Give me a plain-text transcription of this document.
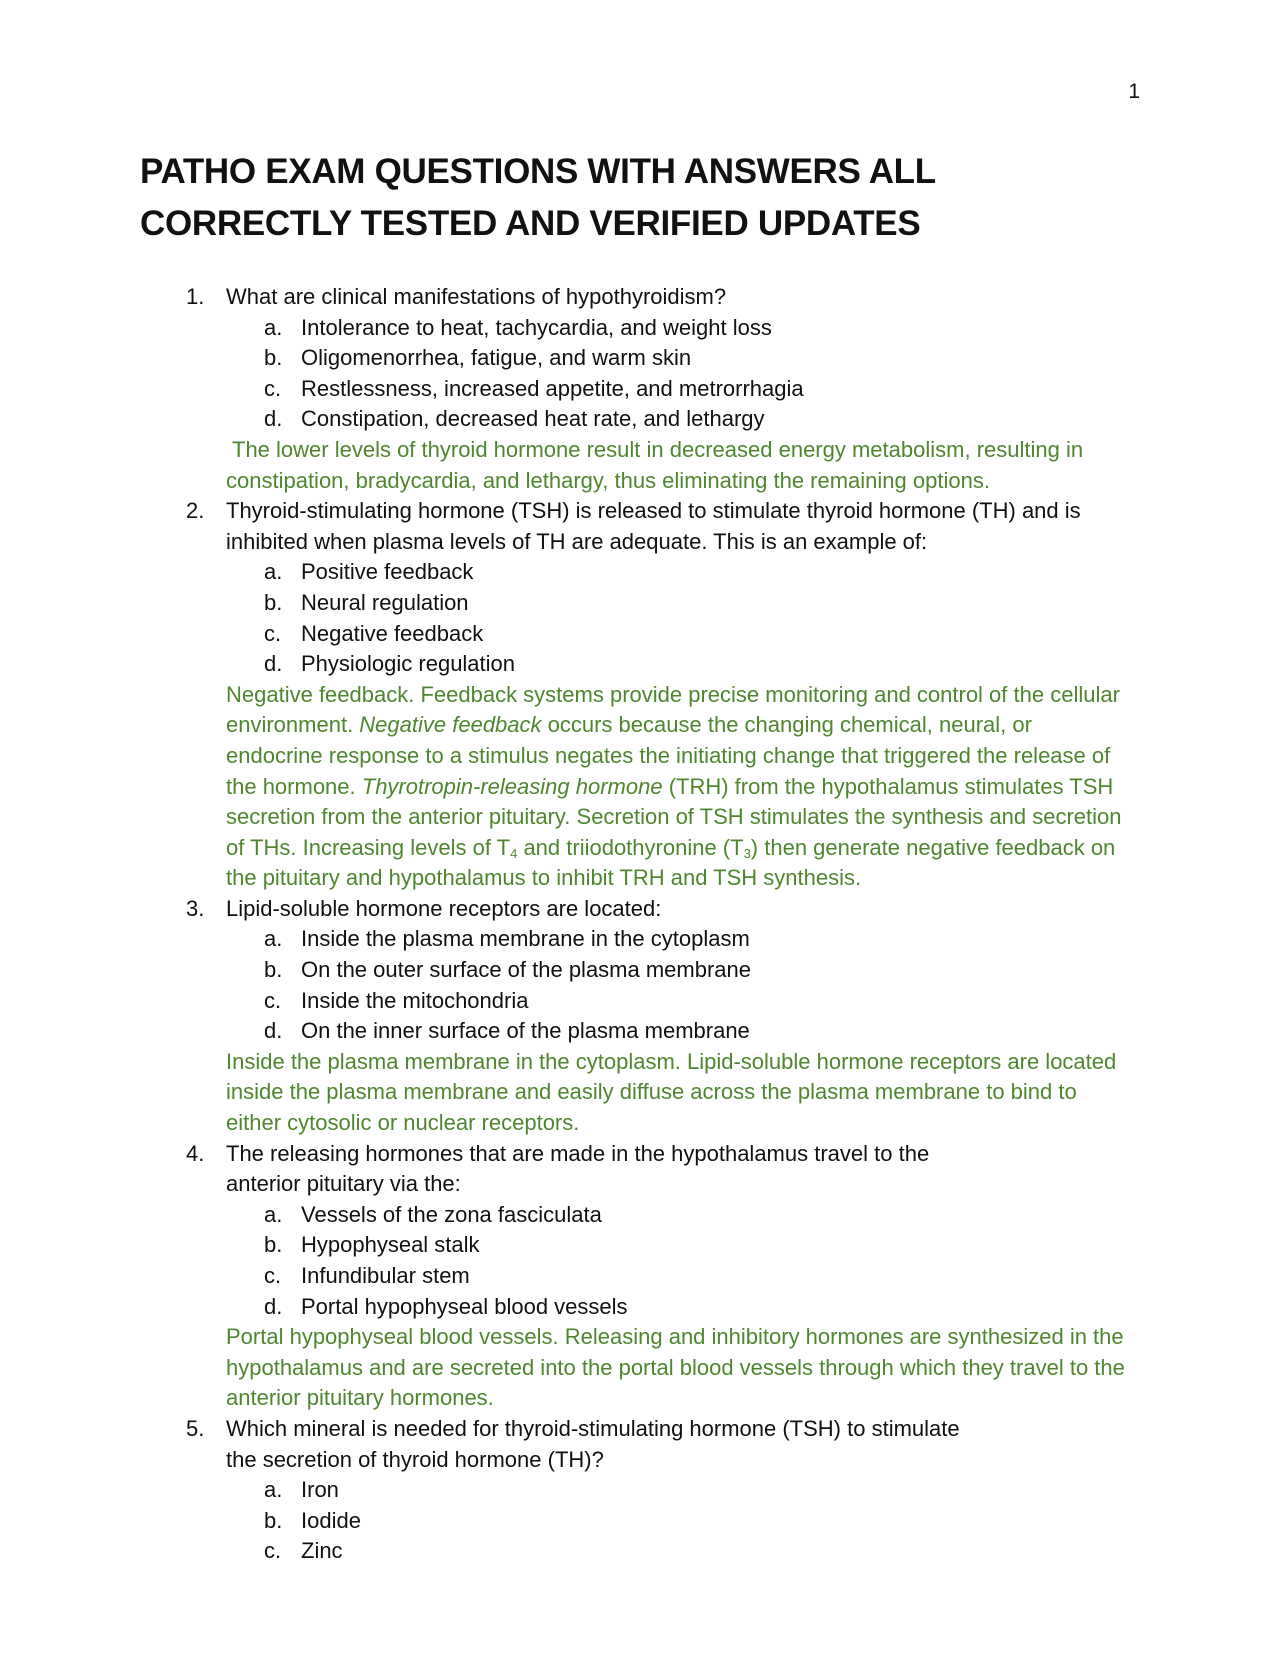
1
PATHO EXAM QUESTIONS WITH ANSWERS ALL
CORRECTLY TESTED AND VERIFIED UPDATES
1. What are clinical manifestations of hypothyroidism?
a. Intolerance to heat, tachycardia, and weight loss
b. Oligomenorrhea, fatigue, and warm skin
c. Restlessness, increased appetite, and metrorrhagia
d. Constipation, decreased heat rate, and lethargy
The lower levels of thyroid hormone result in decreased energy metabolism, resulting in constipation, bradycardia, and lethargy, thus eliminating the remaining options.
2. Thyroid-stimulating hormone (TSH) is released to stimulate thyroid hormone (TH) and is inhibited when plasma levels of TH are adequate. This is an example of:
a. Positive feedback
b. Neural regulation
c. Negative feedback
d. Physiologic regulation
Negative feedback. Feedback systems provide precise monitoring and control of the cellular environment. Negative feedback occurs because the changing chemical, neural, or endocrine response to a stimulus negates the initiating change that triggered the release of the hormone. Thyrotropin-releasing hormone (TRH) from the hypothalamus stimulates TSH secretion from the anterior pituitary. Secretion of TSH stimulates the synthesis and secretion of THs. Increasing levels of $T_4$ and triiodothyronine $(T_3)$ then generate negative feedback on the pituitary and hypothalamus to inhibit TRH and TSH synthesis.
3. Lipid-soluble hormone receptors are located:
a. Inside the plasma membrane in the cytoplasm
b. On the outer surface of the plasma membrane
c. Inside the mitochondria
d. On the inner surface of the plasma membrane
Inside the plasma membrane in the cytoplasm. Lipid-soluble hormone receptors are located inside the plasma membrane and easily diffuse across the plasma membrane to bind to either cytosolic or nuclear receptors.
4. The releasing hormones that are made in the hypothalamus travel to the
anterior pituitary via the:
a. Vessels of the zona fasciculata
b. Hypophyseal stalk
c. Infundibular stem
d. Portal hypophyseal blood vessels
Portal hypophyseal blood vessels. Releasing and inhibitory hormones are synthesized in the hypothalamus and are secreted into the portal blood vessels through which they travel to the anterior pituitary hormones.
5. Which mineral is needed for thyroid-stimulating hormone (TSH) to stimulate
the secretion of thyroid hormone (TH)?
a. Iron
b. Iodide
c. Zinc
